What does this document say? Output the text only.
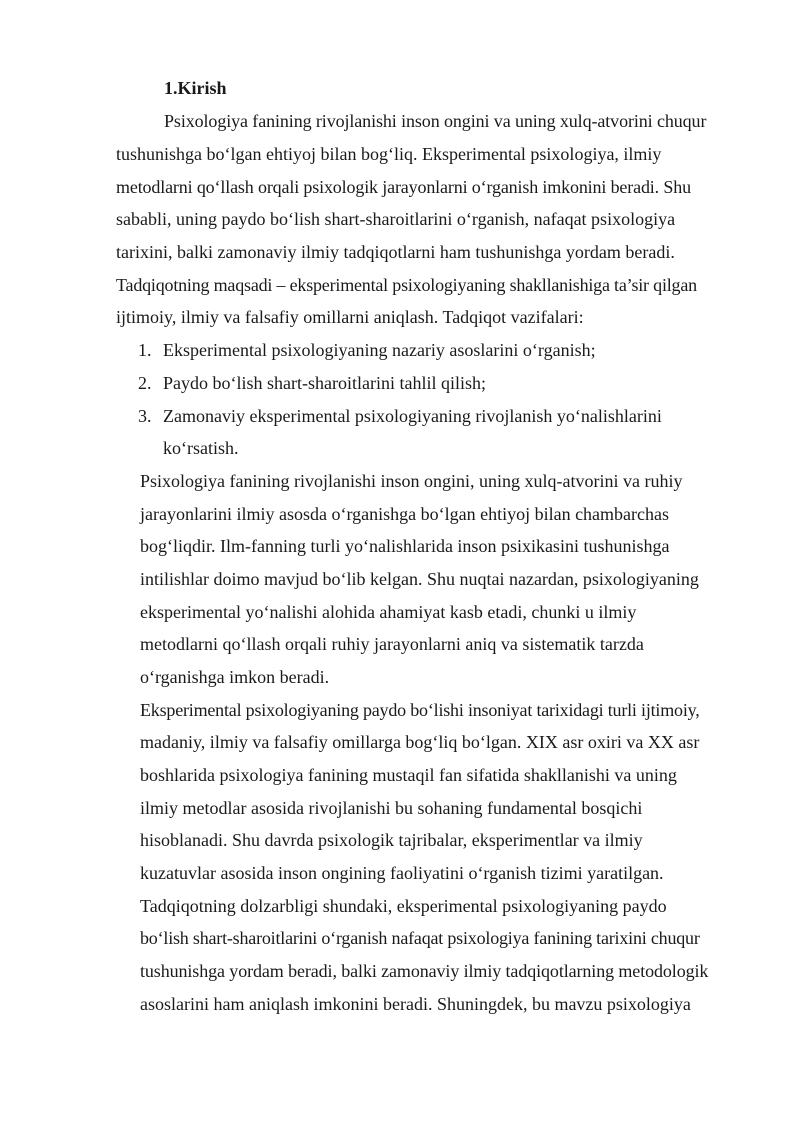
1.Kirish
Psixologiya fanining rivojlanishi inson ongini va uning xulq-atvorini chuqur
tushunishga bo‘lgan ehtiyoj bilan bog‘liq. Eksperimental psixologiya, ilmiy
metodlarni qo‘llash orqali psixologik jarayonlarni o‘rganish imkonini beradi. Shu
sababli, uning paydo bo‘lish shart-sharoitlarini o‘rganish, nafaqat psixologiya
tarixini, balki zamonaviy ilmiy tadqiqotlarni ham tushunishga yordam beradi.
Tadqiqotning maqsadi – eksperimental psixologiyaning shakllanishiga ta’sir qilgan
ijtimoiy, ilmiy va falsafiy omillarni aniqlash. Tadqiqot vazifalari:
1. Eksperimental psixologiyaning nazariy asoslarini o‘rganish;
2. Paydo bo‘lish shart-sharoitlarini tahlil qilish;
3. Zamonaviy eksperimental psixologiyaning rivojlanish yo‘nalishlarini
ko‘rsatish.
Psixologiya fanining rivojlanishi inson ongini, uning xulq-atvorini va ruhiy
jarayonlarini ilmiy asosda o‘rganishga bo‘lgan ehtiyoj bilan chambarchas
bog‘liqdir. Ilm-fanning turli yo‘nalishlarida inson psixikasini tushunishga
intilishlar doimo mavjud bo‘lib kelgan. Shu nuqtai nazardan, psixologiyaning
eksperimental yo‘nalishi alohida ahamiyat kasb etadi, chunki u ilmiy
metodlarni qo‘llash orqali ruhiy jarayonlarni aniq va sistematik tarzda
o‘rganishga imkon beradi.
Eksperimental psixologiyaning paydo bo‘lishi insoniyat tarixidagi turli ijtimoiy,
madaniy, ilmiy va falsafiy omillarga bog‘liq bo‘lgan. XIX asr oxiri va XX asr
boshlarida psixologiya fanining mustaqil fan sifatida shakllanishi va uning
ilmiy metodlar asosida rivojlanishi bu sohaning fundamental bosqichi
hisoblanadi. Shu davrda psixologik tajribalar, eksperimentlar va ilmiy
kuzatuvlar asosida inson ongining faoliyatini o‘rganish tizimi yaratilgan.
Tadqiqotning dolzarbligi shundaki, eksperimental psixologiyaning paydo
bo‘lish shart-sharoitlarini o‘rganish nafaqat psixologiya fanining tarixini chuqur
tushunishga yordam beradi, balki zamonaviy ilmiy tadqiqotlarning metodologik
asoslarini ham aniqlash imkonini beradi. Shuningdek, bu mavzu psixologiya
